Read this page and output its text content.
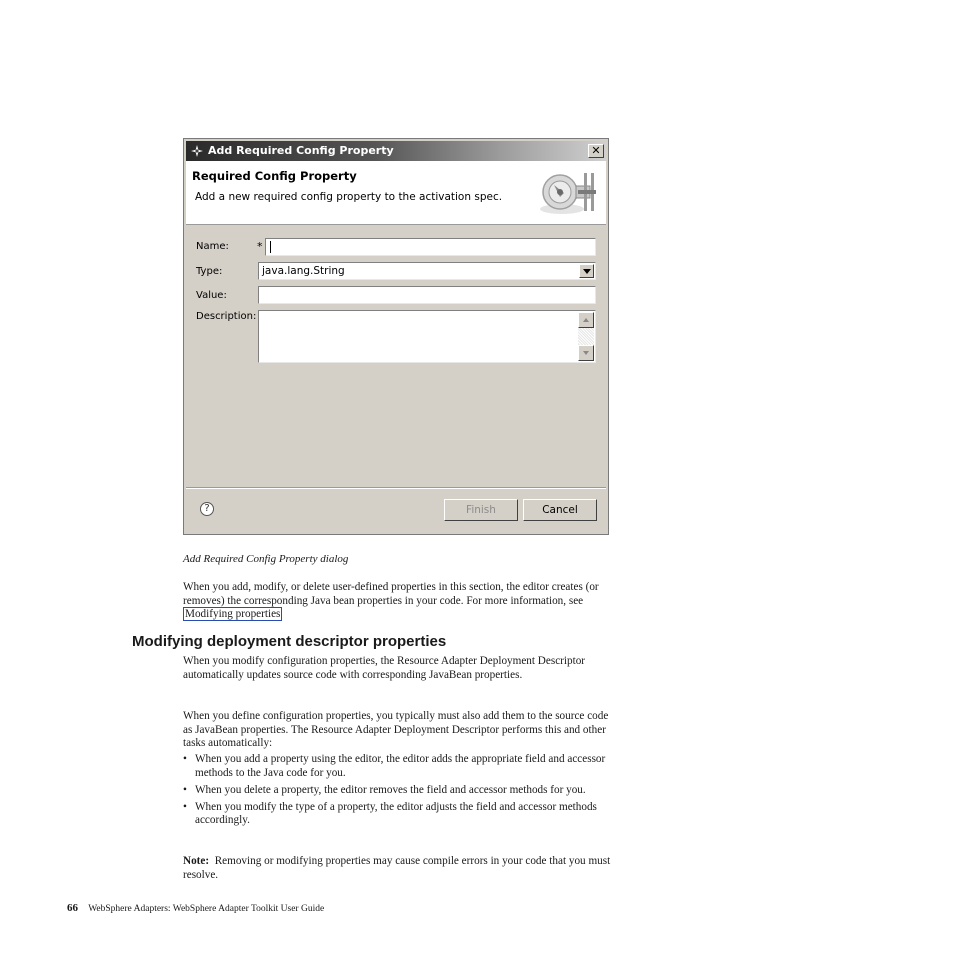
Add Required Config Property	✕
Required Config Property
Add a new required config property to the activation spec.
Name:	*
Type:	java.lang.String
Value:
Description:
?	Finish	Cancel
Add Required Config Property dialog

When you add, modify, or delete user-defined properties in this section, the editor creates (or removes) the corresponding Java bean properties in your code. For more information, see Modifying properties

Modifying deployment descriptor properties

When you modify configuration properties, the Resource Adapter Deployment Descriptor automatically updates source code with corresponding JavaBean properties.

When you define configuration properties, you typically must also add them to the source code as JavaBean properties. The Resource Adapter Deployment Descriptor performs this and other tasks automatically:

• When you add a property using the editor, the editor adds the appropriate field and accessor methods to the Java code for you.
• When you delete a property, the editor removes the field and accessor methods for you.
• When you modify the type of a property, the editor adjusts the field and accessor methods accordingly.

Note: Removing or modifying properties may cause compile errors in your code that you must resolve.

66 WebSphere Adapters: WebSphere Adapter Toolkit User Guide
